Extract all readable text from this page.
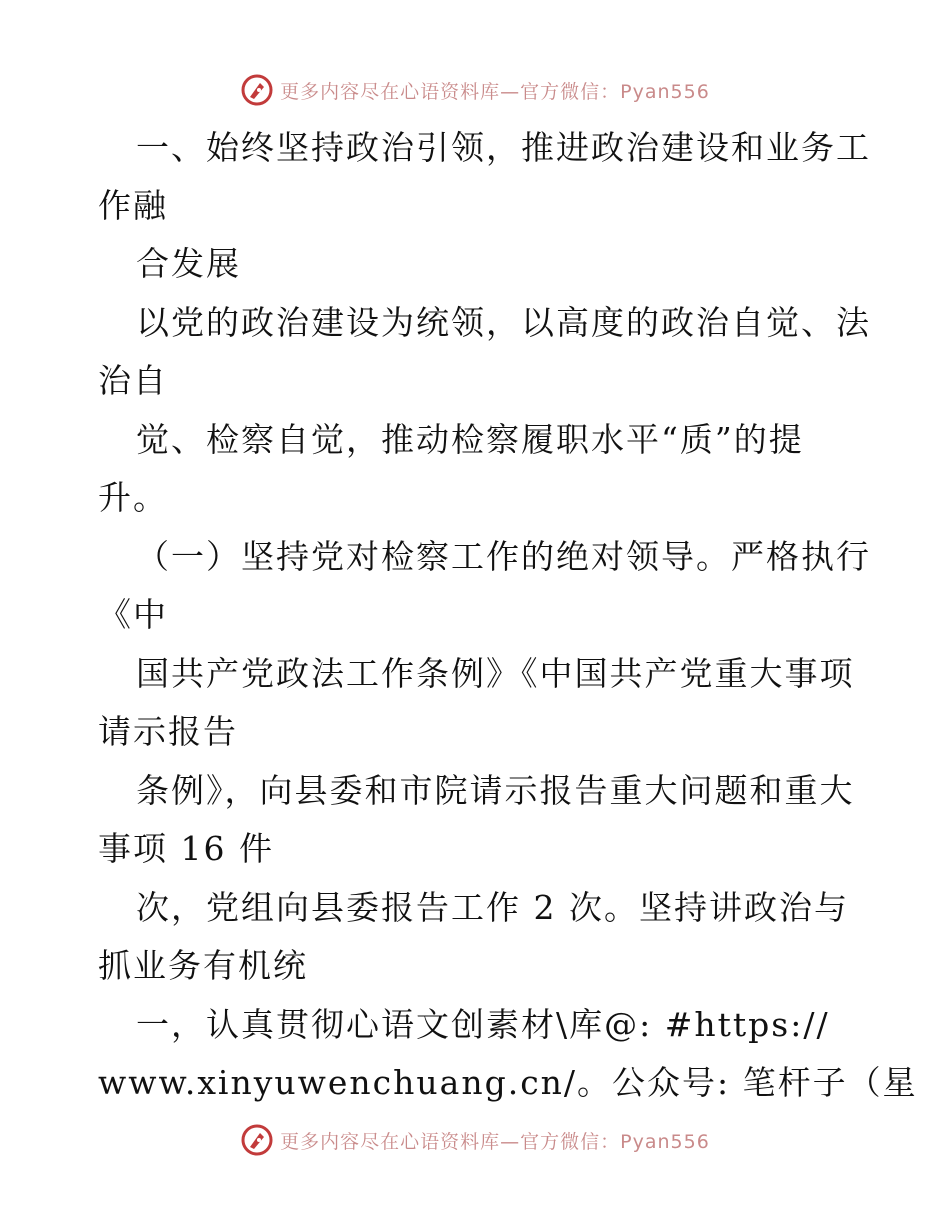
更多内容尽在心语资料库—官方微信：Pyan556
一、始终坚持政治引领，推进政治建设和业务工
作融
合发展
以党的政治建设为统领，以高度的政治自觉、法
治自
觉、检察自觉，推动检察履职水平“质”的提
升。
（一）坚持党对检察工作的绝对领导。严格执行
《中
国共产党政法工作条例》《中国共产党重大事项
请示报告
条例》，向县委和市院请示报告重大问题和重大
事项 16 件
次，党组向县委报告工作 2 次。坚持讲政治与
抓业务有机统
一，认真贯彻心语文创素材\库@: #https://
www.xinyuwenchuang.cn/。公众号: 笔杆子（星
更多内容尽在心语资料库—官方微信：Pyan556
